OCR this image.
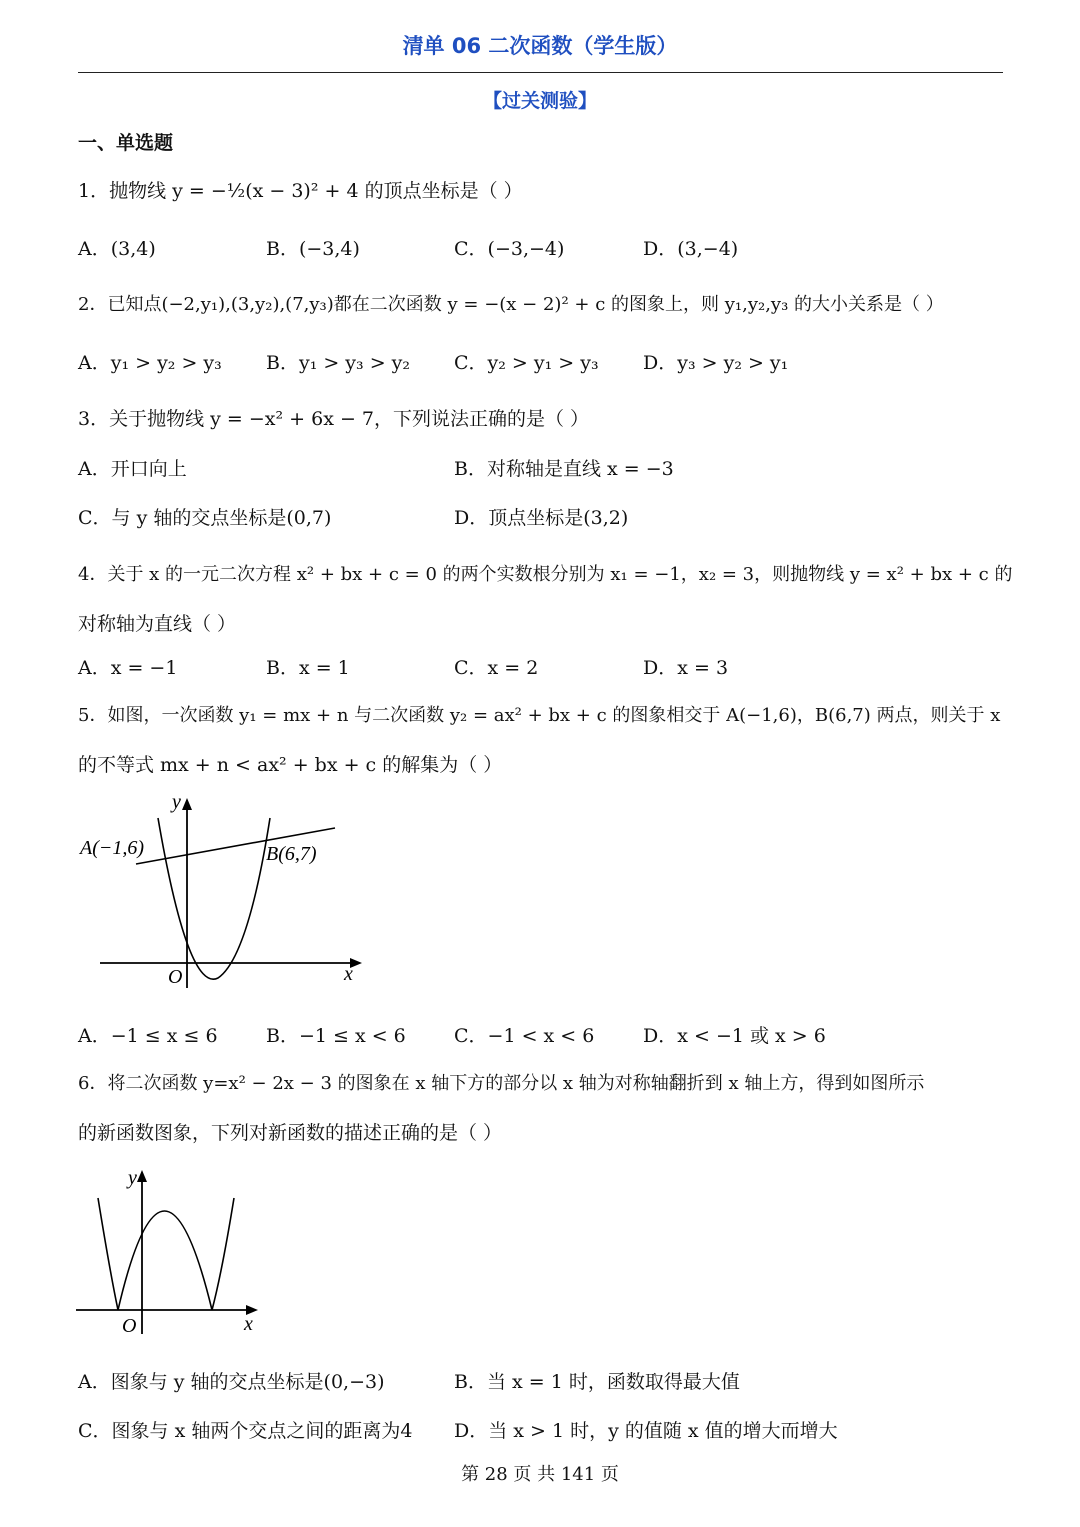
清单 06 二次函数（学生版）
【过关测验】
一、单选题
1．抛物线 y = −½(x − 3)² + 4 的顶点坐标是（ ）
A．(3,4)	B．(−3,4)	C．(−3,−4)	D．(3,−4)
2．已知点(−2,y₁),(3,y₂),(7,y₃)都在二次函数 y = −(x − 2)² + c 的图象上，则 y₁,y₂,y₃ 的大小关系是（ ）
A．y₁ > y₂ > y₃ B．y₁ > y₃ > y₂ C．y₂ > y₁ > y₃ D．y₃ > y₂ > y₁
3．关于抛物线 y = −x² + 6x − 7，下列说法正确的是（ ）
A．开口向上	B．对称轴是直线 x = −3
C．与 y 轴的交点坐标是(0,7)	D．顶点坐标是(3,2)
4．关于 x 的一元二次方程 x² + bx + c = 0 的两个实数根分别为 x₁ = −1，x₂ = 3，则抛物线 y = x² + bx + c 的
对称轴为直线（ ）
A．x = −1	B．x = 1	C．x = 2	D．x = 3
5．如图，一次函数 y₁ = mx + n 与二次函数 y₂ = ax² + bx + c 的图象相交于 A(−1,6)，B(6,7) 两点，则关于 x
的不等式 mx + n < ax² + bx + c 的解集为（ ）
A(−1,6)	B(6,7)
y
x
O
A．−1 ≤ x ≤ 6	B．−1 ≤ x < 6	C．−1 < x < 6	D．x < −1 或 x > 6
6．将二次函数 y=x² − 2x − 3 的图象在 x 轴下方的部分以 x 轴为对称轴翻折到 x 轴上方，得到如图所示
的新函数图象，下列对新函数的描述正确的是（ ）
y
x
O
A．图象与 y 轴的交点坐标是(0,−3)	B．当 x = 1 时，函数取得最大值
C．图象与 x 轴两个交点之间的距离为4 D．当 x > 1 时，y 的值随 x 值的增大而增大
第 28 页 共 141 页
